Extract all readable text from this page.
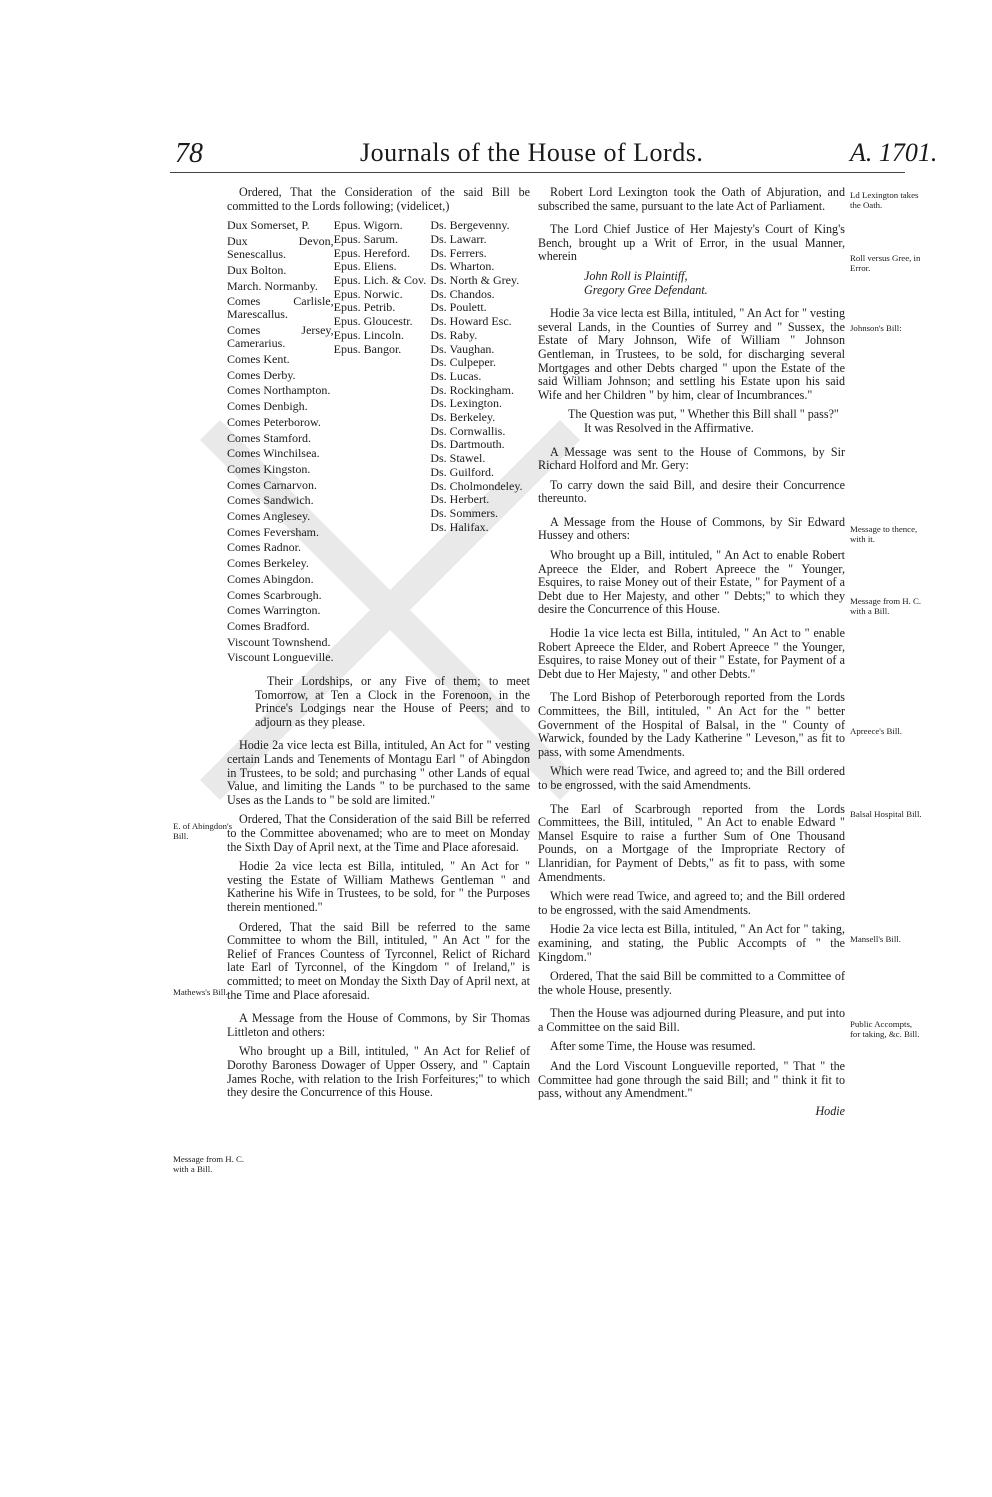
78	Journals of the House of Lords.	A. 1701.

Ordered, That the Consideration of the said Bill be committed to the Lords following; (videlicet,)

Dux Somerset, P.
Dux Devon, Senescallus.
Dux Bolton.
March. Normanby.
Comes Carlisle, Marescallus.
Comes Jersey, Camerarius.
Comes Kent.
Comes Derby.
Comes Northampton.
Comes Denbigh.
Comes Peterborow.
Comes Stamford.
Comes Winchilsea.
Comes Kingston.
Comes Carnarvon.
Comes Sandwich.
Comes Anglesey.
Comes Feversham.
Comes Radnor.
Comes Berkeley.
Comes Abingdon.
Comes Scarbrough.
Comes Warrington.
Comes Bradford.
Viscount Townshend.
Viscount Longueville.
Epus. Wigorn.
Epus. Sarum.
Epus. Hereford.
Epus. Eliens.
Epus. Lich. & Cov.
Epus. Norwic.
Epus. Petrib.
Epus. Gloucestr.
Epus. Lincoln.
Epus. Bangor.
Ds. Bergevenny.
Ds. Lawarr.
Ds. Ferrers.
Ds. Wharton.
Ds. North & Grey.
Ds. Chandos.
Ds. Poulett.
Ds. Howard Esc.
Ds. Raby.
Ds. Vaughan.
Ds. Culpeper.
Ds. Lucas.
Ds. Rockingham.
Ds. Lexington.
Ds. Berkeley.
Ds. Cornwallis.
Ds. Dartmouth.
Ds. Stawel.
Ds. Guilford.
Ds. Cholmondeley.
Ds. Herbert.
Ds. Sommers.
Ds. Halifax.

Their Lordships, or any Five of them; to meet Tomorrow, at Ten a Clock in the Forenoon, in the Prince's Lodgings near the House of Peers; and to adjourn as they please.

Hodie 2a vice lecta est Billa, intituled, An Act for " vesting certain Lands and Tenements of Montagu Earl " of Abingdon in Trustees, to be sold; and purchasing " other Lands of equal Value, and limiting the Lands " to be purchased to the same Uses as the Lands to " be sold are limited."

Ordered, That the Consideration of the said Bill be referred to the Committee abovenamed; who are to meet on Monday the Sixth Day of April next, at the Time and Place aforesaid.

Hodie 2a vice lecta est Billa, intituled, " An Act for " vesting the Estate of William Mathews Gentleman " and Katherine his Wife in Trustees, to be sold, for " the Purposes therein mentioned."

Ordered, That the said Bill be referred to the same Committee to whom the Bill, intituled, " An Act " for the Relief of Frances Countess of Tyrconnel, Relict of Richard late Earl of Tyrconnel, of the Kingdom " of Ireland," is committed; to meet on Monday the Sixth Day of April next, at the Time and Place aforesaid.

A Message from the House of Commons, by Sir Thomas Littleton and others:

Who brought up a Bill, intituled, " An Act for Relief of Dorothy Baroness Dowager of Upper Ossery, and " Captain James Roche, with relation to the Irish Forfeitures;" to which they desire the Concurrence of this House.

Robert Lord Lexington took the Oath of Abjuration, and subscribed the same, pursuant to the late Act of Parliament.

The Lord Chief Justice of Her Majesty's Court of King's Bench, brought up a Writ of Error, in the usual Manner, wherein

John Roll is Plaintiff,

Gregory Gree Defendant.

Hodie 3a vice lecta est Billa, intituled, " An Act for " vesting several Lands, in the Counties of Surrey and " Sussex, the Estate of Mary Johnson, Wife of William " Johnson Gentleman, in Trustees, to be sold, for discharging several Mortgages and other Debts charged " upon the Estate of the said William Johnson; and settling his Estate upon his said Wife and her Children " by him, clear of Incumbrances."

The Question was put, " Whether this Bill shall " pass?"

It was Resolved in the Affirmative.

A Message was sent to the House of Commons, by Sir Richard Holford and Mr. Gery:

To carry down the said Bill, and desire their Concurrence thereunto.

A Message from the House of Commons, by Sir Edward Hussey and others:

Who brought up a Bill, intituled, " An Act to enable Robert Apreece the Elder, and Robert Apreece the " Younger, Esquires, to raise Money out of their Estate, " for Payment of a Debt due to Her Majesty, and other " Debts;" to which they desire the Concurrence of this House.

Hodie 1a vice lecta est Billa, intituled, " An Act to " enable Robert Apreece the Elder, and Robert Apreece " the Younger, Esquires, to raise Money out of their " Estate, for Payment of a Debt due to Her Majesty, " and other Debts."

The Lord Bishop of Peterborough reported from the Lords Committees, the Bill, intituled, " An Act for the " better Government of the Hospital of Balsal, in the " County of Warwick, founded by the Lady Katherine " Leveson," as fit to pass, with some Amendments.

Which were read Twice, and agreed to; and the Bill ordered to be engrossed, with the said Amendments.

The Earl of Scarbrough reported from the Lords Committees, the Bill, intituled, " An Act to enable Edward " Mansel Esquire to raise a further Sum of One Thousand Pounds, on a Mortgage of the Impropriate Rectory of Llanridian, for Payment of Debts," as fit to pass, with some Amendments.

Which were read Twice, and agreed to; and the Bill ordered to be engrossed, with the said Amendments.

Hodie 2a vice lecta est Billa, intituled, " An Act for " taking, examining, and stating, the Public Accompts of " the Kingdom."

Ordered, That the said Bill be committed to a Committee of the whole House, presently.

Then the House was adjourned during Pleasure, and put into a Committee on the said Bill.

After some Time, the House was resumed.

And the Lord Viscount Longueville reported, " That " the Committee had gone through the said Bill; and " think it fit to pass, without any Amendment."

Hodie

E. of Abingdon's Bill.
Mathews's Bill.
Message from H. C. with a Bill.
Ld Lexington takes the Oath.
Roll versus Gree, in Error.
Johnson's Bill:
Message to thence, with it.
Message from H. C. with a Bill.
Apreece's Bill.
Balsal Hospital Bill.
Mansell's Bill.
Public Accompts, for taking, &c. Bill.
